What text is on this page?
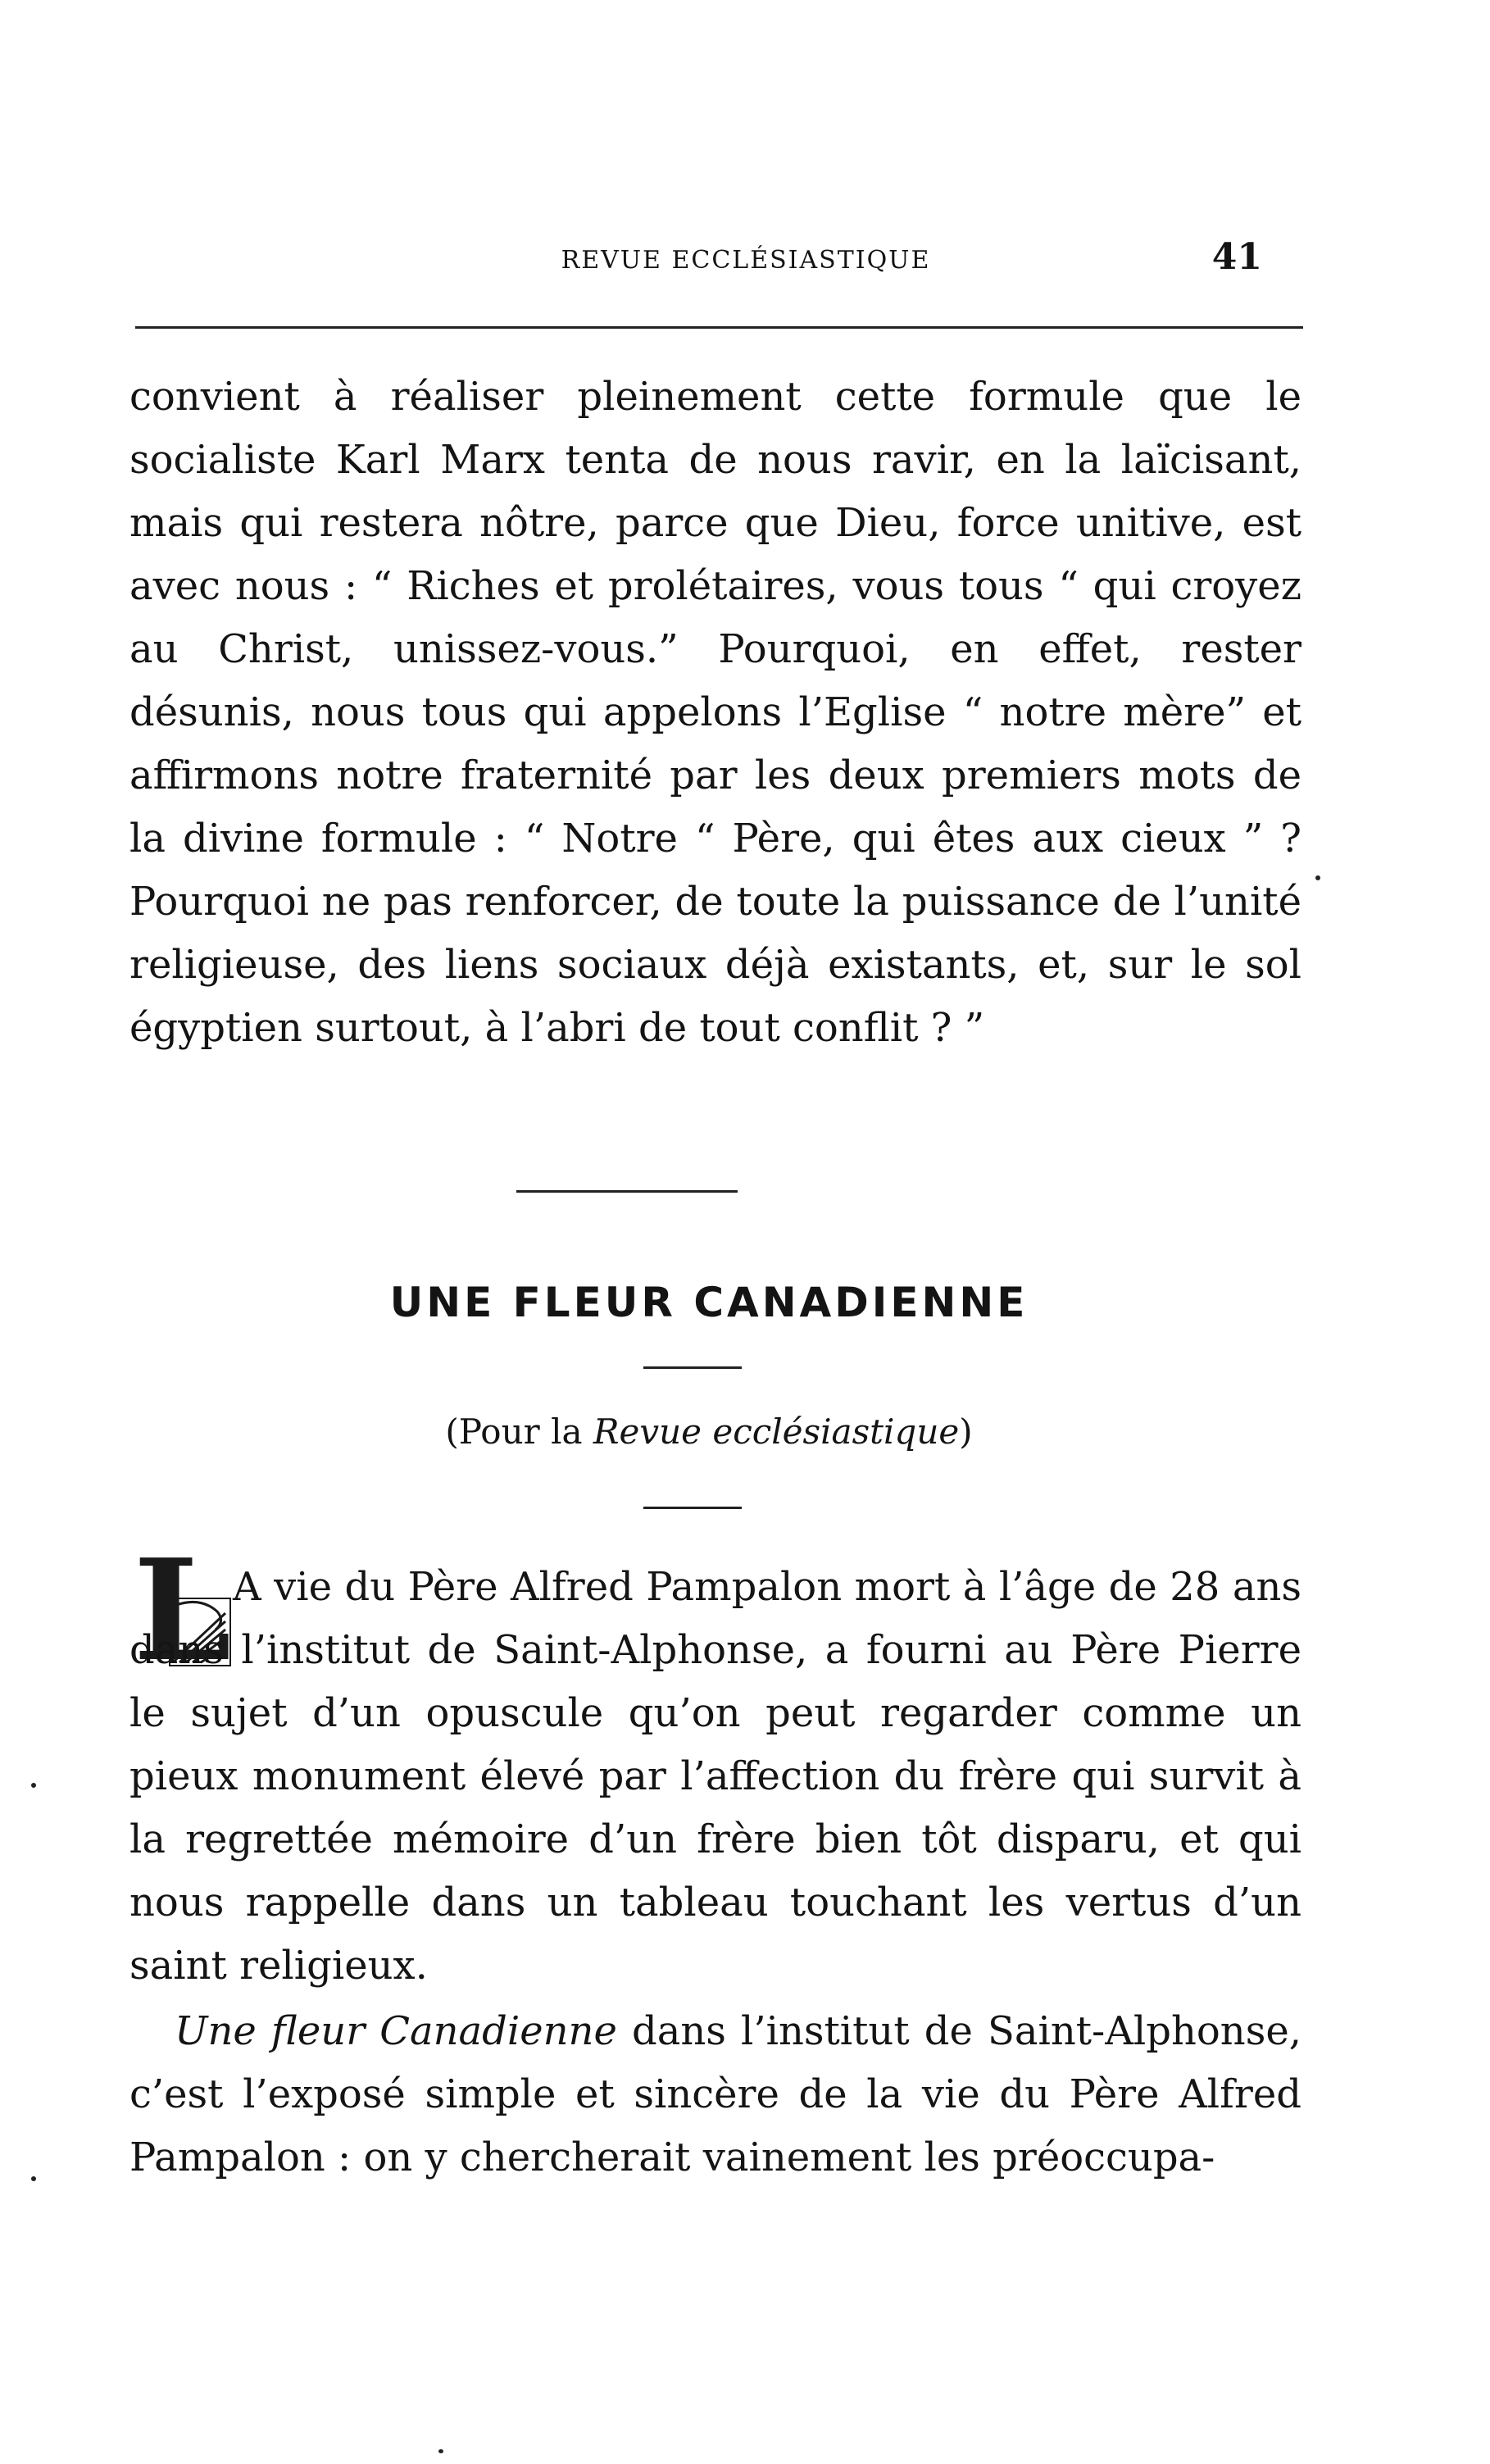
REVUE ECCLÉSIASTIQUE	41
convient à réaliser pleinement cette formule que le socialiste Karl Marx tenta de nous ravir, en la laïcisant, mais qui restera nôtre, parce que Dieu, force unitive, est avec nous : “ Riches et prolétaires, vous tous “ qui croyez au Christ, unissez-vous.” Pourquoi, en effet, rester désunis, nous tous qui appelons l’Eglise “ notre mère” et affirmons notre fraternité par les deux premiers mots de la divine formule : “ Notre “ Père, qui êtes aux cieux ” ? Pourquoi ne pas renforcer, de toute la puissance de l’unité religieuse, des liens sociaux déjà existants, et, sur le sol égyptien surtout, à l’abri de tout conflit ? ”
UNE FLEUR CANADIENNE
(Pour la Revue ecclésiastique)
L A vie du Père Alfred Pampalon mort à l’âge de 28 ans dans l’institut de Saint-Alphonse, a fourni au Père Pierre le sujet d’un opuscule qu’on peut regarder comme un pieux monument élevé par l’affection du frère qui survit à la regrettée mémoire d’un frère bien tôt disparu, et qui nous rappelle dans un tableau touchant les vertus d’un saint religieux.
Une fleur Canadienne dans l’institut de Saint-Alphonse, c’est l’exposé simple et sincère de la vie du Père Alfred Pampalon : on y chercherait vainement les préoccupa-
